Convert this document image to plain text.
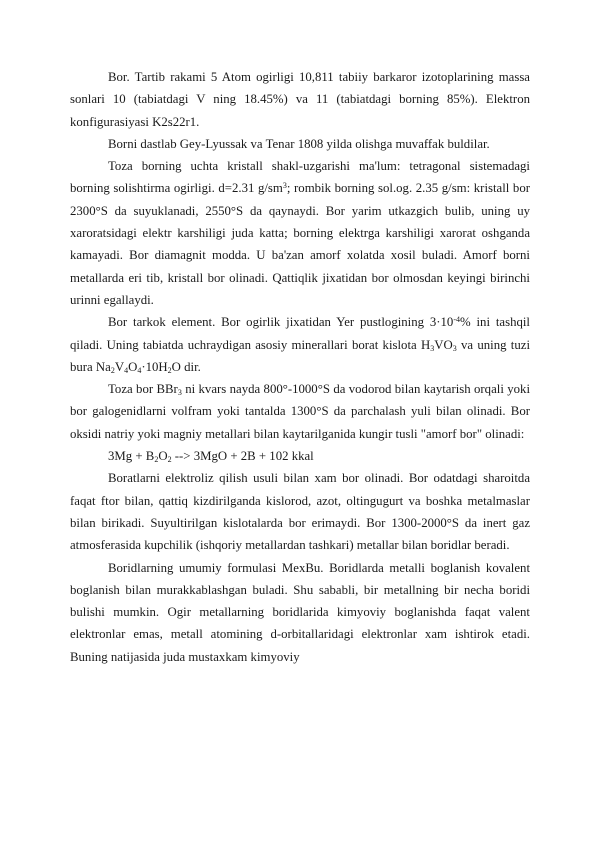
Bor. Tartib rakami 5 Atom ogirligi 10,811 tabiiy barkaror izotoplarining massa sonlari 10 (tabiatdagi V ning 18.45%) va 11 (tabiatdagi borning 85%). Elektron konfigurasiyasi K2s22r1.

Borni dastlab Gey-Lyussak va Tenar 1808 yilda olishga muvaffak buldilar.

Toza borning uchta kristall shakl-uzgarishi ma'lum: tetragonal sistemadagi borning solishtirma ogirligi. d=2.31 $g/sm^3$; rombik borning sol.og. 2.35 g/sm: kristall bor 2300°S da suyuklanadi, 2550°S da qaynaydi. Bor yarim utkazgich bulib, uning uy xaroratsidagi elektr karshiligi juda katta; borning elektrga karshiligi xarorat oshganda kamayadi. Bor diamagnit modda. U ba'zan amorf xolatda xosil buladi. Amorf borni metallarda eri tib, kristall bor olinadi. Qattiqlik jixatidan bor olmosdan keyingi birinchi urinni egallaydi.

Bor tarkok element. Bor ogirlik jixatidan Yer pustlogining $3\cdot 10^{-4}\%$ ini tashqil qiladi. Uning tabiatda uchraydigan asosiy minerallari borat kislota $H_3VO_3$ va uning tuzi bura $Na_2V_4O_4\cdot 10H_2O$ dir.

Toza bor BBr$_3$ ni kvars nayda 800°-1000°S da vodorod bilan kaytarish orqali yoki bor galogenidlarni volfram yoki tantalda 1300°S da parchalash yuli bilan olinadi. Bor oksidi natriy yoki magniy metallari bilan kaytarilganida kungir tusli "amorf bor" olinadi:

$3Mg + B_2O_2$ --> 3MgO + 2B + 102 kkal

Boratlarni elektroliz qilish usuli bilan xam bor olinadi. Bor odatdagi sharoitda faqat ftor bilan, qattiq kizdirilganda kislorod, azot, oltingugurt va boshka metalmaslar bilan birikadi. Suyultirilgan kislotalarda bor erimaydi. Bor 1300-2000°S da inert gaz atmosferasida kupchilik (ishqoriy metallardan tashkari) metallar bilan boridlar beradi.

Boridlarning umumiy formulasi MexBu. Boridlarda metalli boglanish kovalent boglanish bilan murakkablashgan buladi. Shu sababli, bir metallning bir necha boridi bulishi mumkin. Ogir metallarning boridlarida kimyoviy boglanishda faqat valent elektronlar emas, metall atomining d-orbitallaridagi elektronlar xam ishtirok etadi. Buning natijasida juda mustaxkam kimyoviy
